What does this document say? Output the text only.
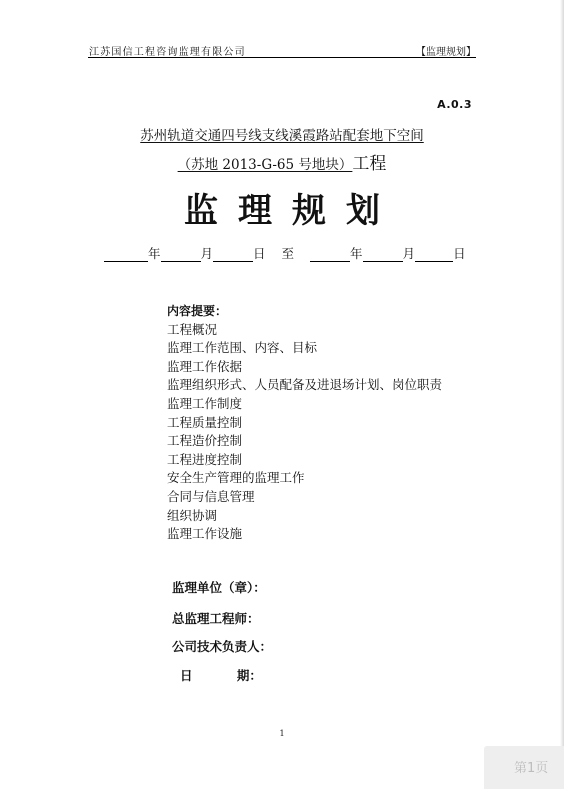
江苏国信工程咨询监理有限公司	【监理规划】
A.0.3
苏州轨道交通四号线支线溪霞路站配套地下空间
（苏地 2013-G-65 号地块）工程
监理规划
年	月	日 至	年	月	日
内容提要：
工程概况
监理工作范围、内容、目标
监理工作依据
监理组织形式、人员配备及进退场计划、岗位职责
监理工作制度
工程质量控制
工程造价控制
工程进度控制
安全生产管理的监理工作
合同与信息管理
组织协调
监理工作设施
监理单位（章）：
总监理工程师：
公司技术负责人：
日 期：
1
第1页
